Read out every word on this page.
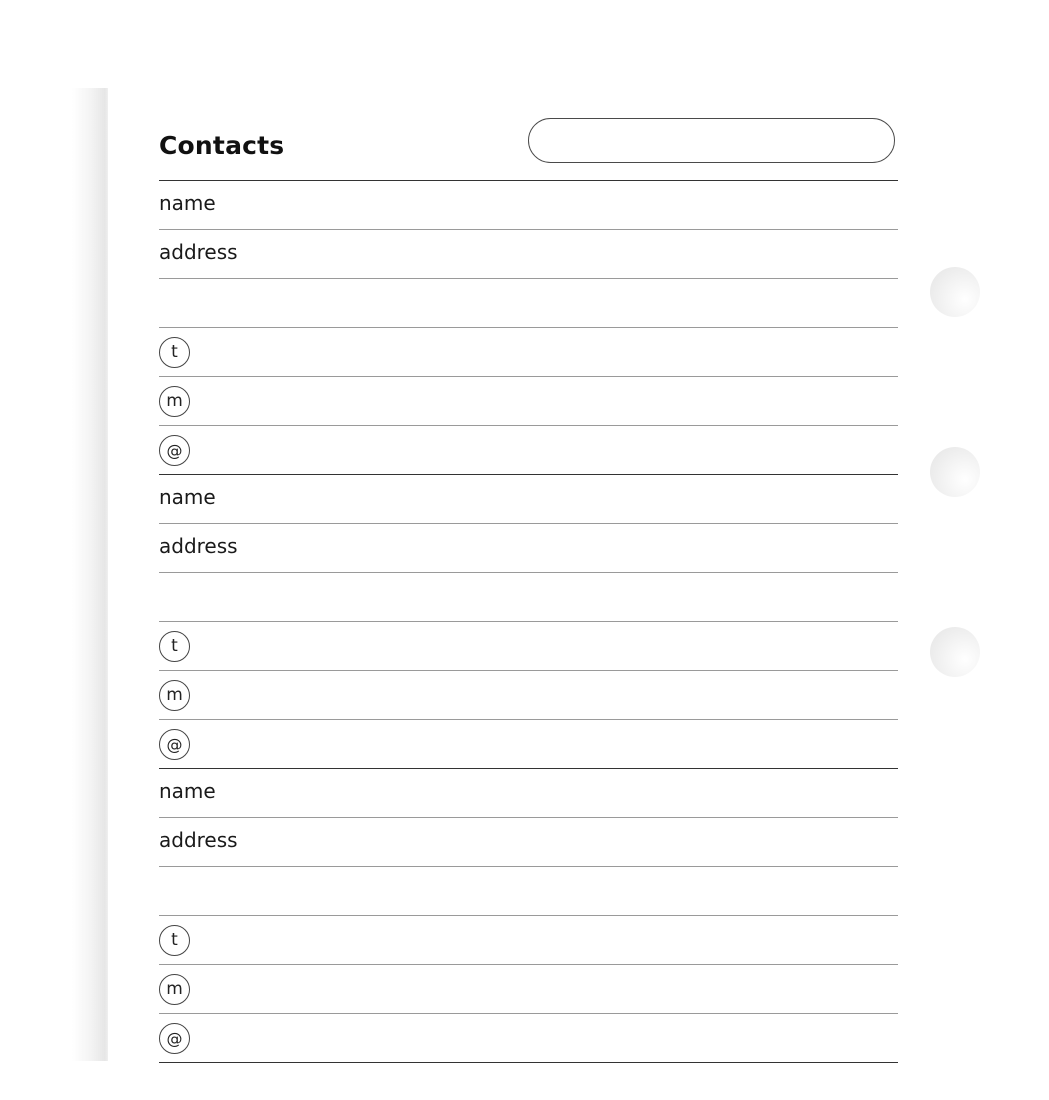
Contacts
name
address
t
m
@
name
address
t
m
@
name
address
t
m
@
